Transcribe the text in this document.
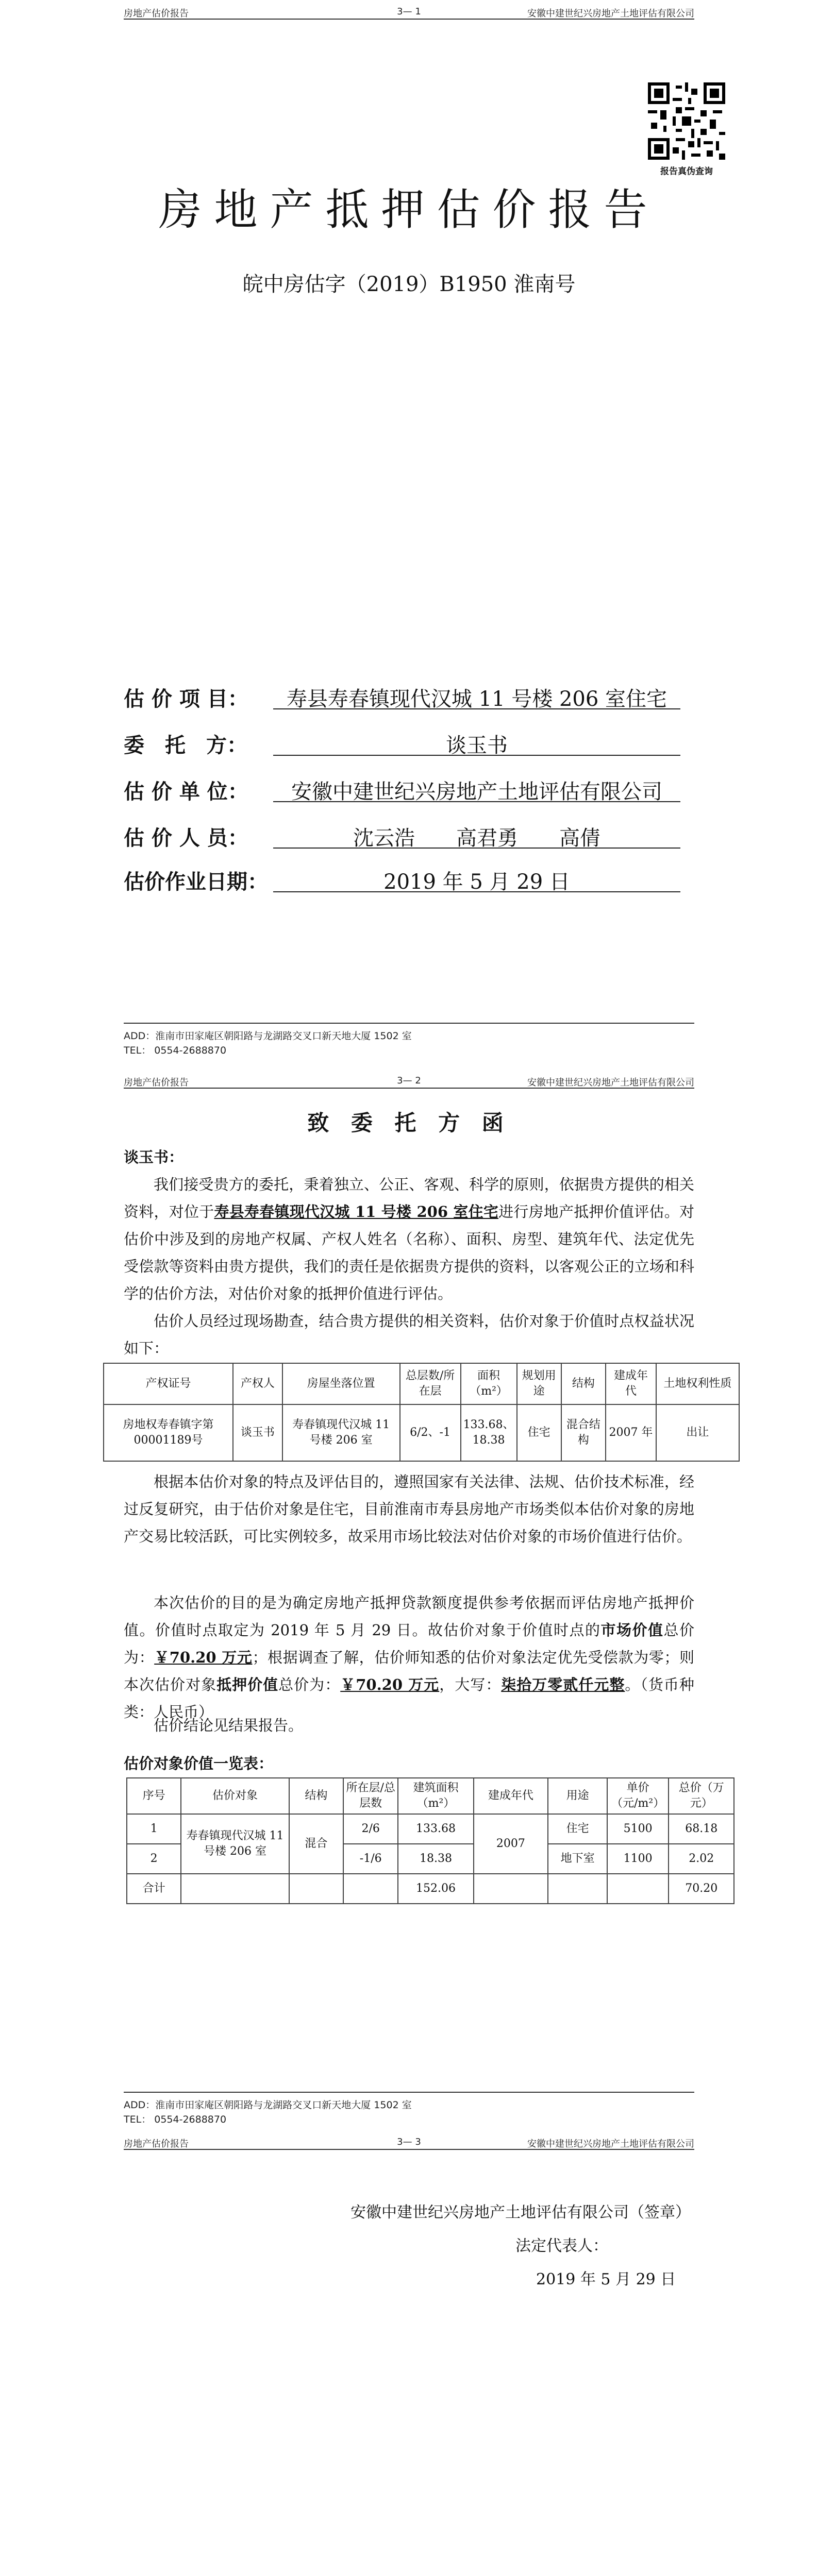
房地产估价报告	3— 1	安徽中建世纪兴房地产土地评估有限公司
报告真伪查询
房地产抵押估价报告
皖中房估字（2019）B1950 淮南号
估 价 项 目：	寿县寿春镇现代汉城 11 号楼 206 室住宅
委　托　方：	谈玉书
估 价 单 位：	安徽中建世纪兴房地产土地评估有限公司
估 价 人 员：	沈云浩　　高君勇　　高倩
估价作业日期：	2019 年 5 月 29 日
ADD：淮南市田家庵区朝阳路与龙湖路交叉口新天地大厦 1502 室
TEL： 0554-2688870
房地产估价报告	3— 2	安徽中建世纪兴房地产土地评估有限公司
致 委 托 方 函
谈玉书：
我们接受贵方的委托，秉着独立、公正、客观、科学的原则，依据贵方提供的相关资料，对位于寿县寿春镇现代汉城 11 号楼 206 室住宅进行房地产抵押价值评估。对估价中涉及到的房地产权属、产权人姓名（名称）、面积、房型、建筑年代、法定优先受偿款等资料由贵方提供，我们的责任是依据贵方提供的资料，以客观公正的立场和科学的估价方法，对估价对象的抵押价值进行评估。
估价人员经过现场勘查，结合贵方提供的相关资料，估价对象于价值时点权益状况如下：
产权证号	产权人	房屋坐落位置	总层数/所在层	面积（m²）	规划用途	结构	建成年代	土地权利性质
房地权寿春镇字第00001189号	谈玉书	寿春镇现代汉城 11 号楼 206 室	6/2、-1	133.68、18.38	住宅	混合结构	2007 年	出让
根据本估价对象的特点及评估目的，遵照国家有关法律、法规、估价技术标准，经过反复研究，由于估价对象是住宅，目前淮南市寿县房地产市场类似本估价对象的房地产交易比较活跃，可比实例较多，故采用市场比较法对估价对象的市场价值进行估价。
本次估价的目的是为确定房地产抵押贷款额度提供参考依据而评估房地产抵押价值。价值时点取定为 2019 年 5 月 29 日。故估价对象于价值时点的市场价值总价为：￥70.20 万元；根据调查了解，估价师知悉的估价对象法定优先受偿款为零；则本次估价对象抵押价值总价为：￥70.20 万元，大写：柒拾万零贰仟元整。（货币种类：人民币）
估价结论见结果报告。
估价对象价值一览表：
序号	估价对象	结构	所在层/总层数	建筑面积（m²）	建成年代	用途	单价（元/m²）	总价（万元）
1	寿春镇现代汉城 11 号楼 206 室	混合	2/6	133.68	2007	住宅	5100	68.18
2			-1/6	18.38		地下室	1100	2.02
合计				152.06				70.20
ADD：淮南市田家庵区朝阳路与龙湖路交叉口新天地大厦 1502 室
TEL： 0554-2688870
房地产估价报告	3— 3	安徽中建世纪兴房地产土地评估有限公司
安徽中建世纪兴房地产土地评估有限公司（签章）
法定代表人：
2019 年 5 月 29 日
